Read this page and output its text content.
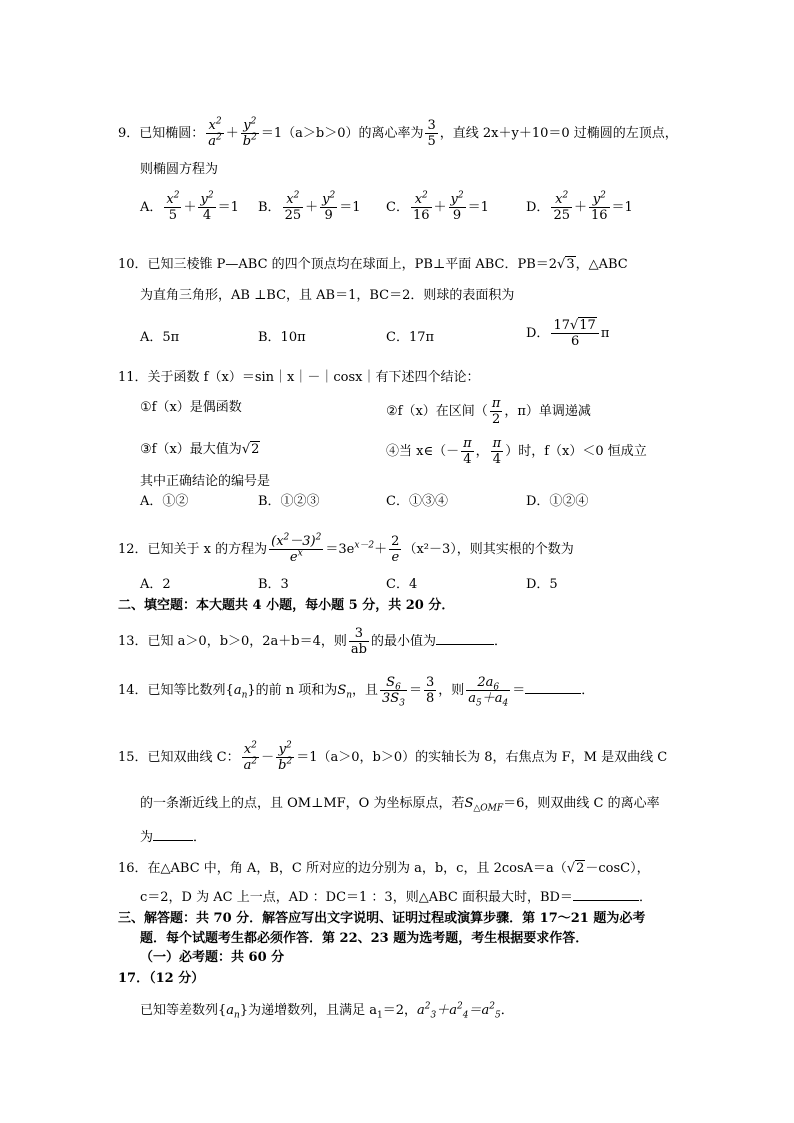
9．已知椭圆： $\frac{x^2}{a^2} + \frac{y^2}{b^2} =1(a>b>0)$的离心率为 $\frac{3}{5}$ ，直线 2x＋y＋10＝0 过椭圆的左顶点，
则椭圆方程为
A． $\frac{x^2}{5} + \frac{y^2}{4} =1$ B． $\frac{x^2}{25} + \frac{y^2}{9} =1$ C． $\frac{x^2}{16} + \frac{y^2}{9} =1$	D． $\frac{x^2}{25} + \frac{y^2}{16} =1$
10．已知三棱锥 P—ABC 的四个顶点均在球面上，PB⊥平面 ABC．PB＝2√3，△ABC
为直角三角形，AB ⊥BC，且 AB＝1，BC＝2．则球的表面积为
A．5π	B．10π	C．17π	D． $\frac{17√17}{6}$ π
11．关于函数 f（x）＝sin｜x｜－｜cosx｜有下述四个结论：
①f（x）是偶函数	②f（x）在区间（ $\frac{\pi}{2}$ ，π）单调递减
③f（x）最大值为√2	④当 x∈（－ $\frac{\pi}{4}$ ， $\frac{\pi}{4}$ ）时，f（x）＜0 恒成立
其中正确结论的编号是
A．①②	B．①②③	C．①③④	D．①②④
12．已知关于 x 的方程为 $\frac{(x^2-3)^2}{e^x} =3e^{x-2}+ \frac{2}{e} (x^2-3)$，则其实根的个数为
A．2	B．3	C．4	D．5
二、填空题：本大题共 4 小题，每小题 5 分，共 20 分．
13．已知 a＞0，b＞0，2a＋b＝4，则 $\frac{3}{ab}$ 的最小值为	．
14．已知等比数列$\{a_n\}$的前 n 项和为$S_n$，且 $\frac{S_6}{3S_3} = \frac{3}{8}$ ，则 $\frac{2a_6}{a_5+a_4}$ ＝	．
15．已知双曲线 C： $\frac{x^2}{a^2} - \frac{y^2}{b^2} =1(a>0$，b＞0）的实轴长为 8，右焦点为 F，M 是双曲线 C
的一条渐近线上的点，且 OM⊥MF，O 为坐标原点，若$S_{\triangle OMF}=6$，则双曲线 C 的离心率
为	．
16．在△ABC 中，角 A，B，C 所对应的边分别为 a，b，c，且 2cosA＝a（√2－cosC），
c＝2，D 为 AC 上一点，AD ：DC＝1 ：3，则△ABC 面积最大时，BD＝	．
三、解答题：共 70 分．解答应写出文字说明、证明过程或演算步骤．第 17～21 题为必考
题．每个试题考生都必须作答．第 22、23 题为选考题，考生根据要求作答．
（一）必考题：共 60 分
17．（12 分）
已知等差数列$\{a_n\}$为递增数列，且满足 $a_1=2$，$a^2_3+a^2_4=a^2_5$．
